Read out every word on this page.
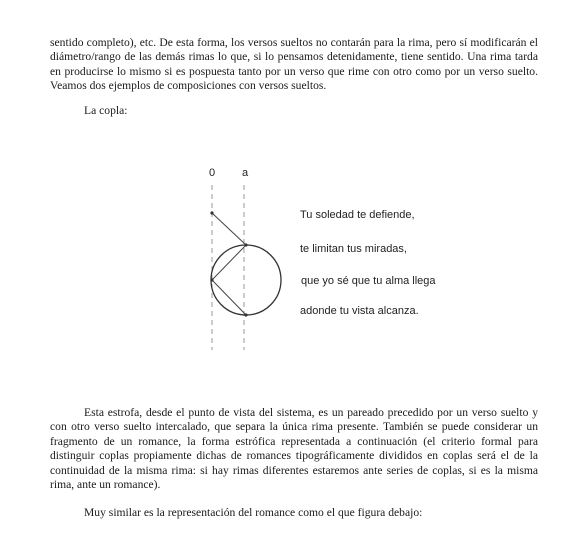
sentido completo), etc. De esta forma, los versos sueltos no contarán para la rima, pero sí modificarán el diámetro/rango de las demás rimas lo que, si lo pensamos detenidamente, tiene sentido. Una rima tarda en producirse lo mismo si es pospuesta tanto por un verso que rime con otro como por un verso suelto. Veamos dos ejemplos de composiciones con versos sueltos.

La copla:

0 a
Tu soledad te defiende,
te limitan tus miradas,
que yo sé que tu alma llega
adonde tu vista alcanza.

Esta estrofa, desde el punto de vista del sistema, es un pareado precedido por un verso suelto y con otro verso suelto intercalado, que separa la única rima presente. También se puede considerar un fragmento de un romance, la forma estrófica representada a continuación (el criterio formal para distinguir coplas propiamente dichas de romances tipográficamente divididos en coplas será el de la continuidad de la misma rima: si hay rimas diferentes estaremos ante series de coplas, si es la misma rima, ante un romance).

Muy similar es la representación del romance como el que figura debajo:
